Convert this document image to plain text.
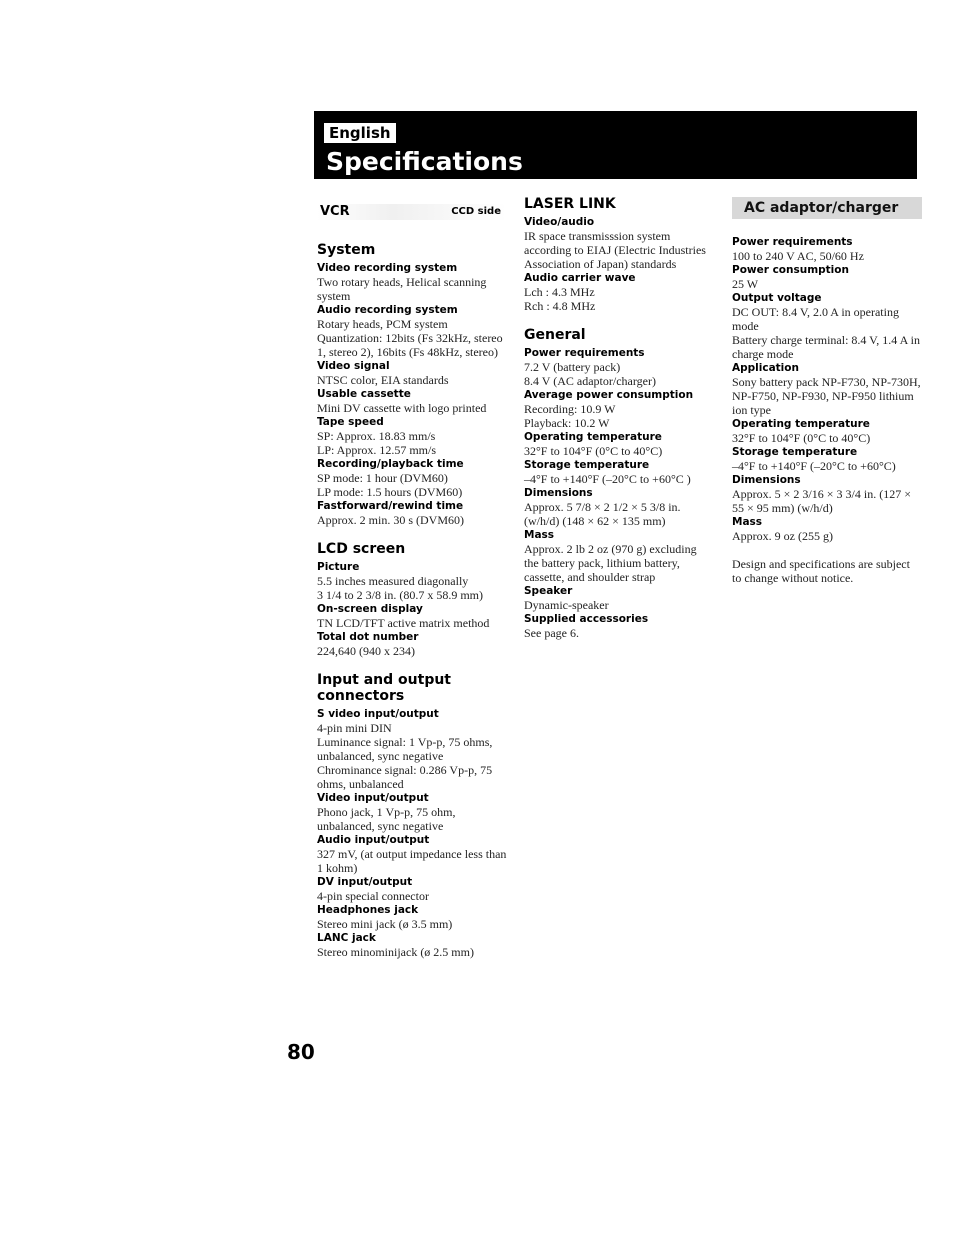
English
Specifications
VCR	CCD side
System
Video recording system
Two rotary heads, Helical scanning system
Audio recording system
Rotary heads, PCM system
Quantization: 12bits (Fs 32kHz, stereo 1, stereo 2), 16bits (Fs 48kHz, stereo)
Video signal
NTSC color, EIA standards
Usable cassette
Mini DV cassette with logo printed
Tape speed
SP: Approx. 18.83 mm/s
LP: Approx. 12.57 mm/s
Recording/playback time
SP mode: 1 hour (DVM60)
LP mode: 1.5 hours (DVM60)
Fastforward/rewind time
Approx. 2 min. 30 s (DVM60)
LCD screen
Picture
5.5 inches measured diagonally
3 1/4 to 2 3/8 in. (80.7 x 58.9 mm)
On-screen display
TN LCD/TFT active matrix method
Total dot number
224,640 (940 x 234)
Input and output connectors
S video input/output
4-pin mini DIN
Luminance signal: 1 Vp-p, 75 ohms, unbalanced, sync negative
Chrominance signal: 0.286 Vp-p, 75 ohms, unbalanced
Video input/output
Phono jack, 1 Vp-p, 75 ohm, unbalanced, sync negative
Audio input/output
327 mV, (at output impedance less than 1 kohm)
DV input/output
4-pin special connector
Headphones jack
Stereo mini jack (ø 3.5 mm)
LANC jack
Stereo minominijack (ø 2.5 mm)
LASER LINK
Video/audio
IR space transmisssion system according to EIAJ (Electric Industries Association of Japan) standards
Audio carrier wave
Lch : 4.3 MHz
Rch : 4.8 MHz
General
Power requirements
7.2 V (battery pack)
8.4 V (AC adaptor/charger)
Average power consumption
Recording: 10.9 W
Playback: 10.2 W
Operating temperature
32°F to 104°F (0°C to 40°C)
Storage temperature
–4°F to +140°F (–20°C to +60°C )
Dimensions
Approx. 5 7/8 × 2 1/2 × 5 3/8 in. (w/h/d) (148 × 62 × 135 mm)
Mass
Approx. 2 lb 2 oz (970 g) excluding the battery pack, lithium battery, cassette, and shoulder strap
Speaker
Dynamic-speaker
Supplied accessories
See page 6.
AC adaptor/charger
Power requirements
100 to 240 V AC, 50/60 Hz
Power consumption
25 W
Output voltage
DC OUT: 8.4 V, 2.0 A in operating mode
Battery charge terminal: 8.4 V, 1.4 A in charge mode
Application
Sony battery pack NP-F730, NP-730H, NP-F750, NP-F930, NP-F950 lithium ion type
Operating temperature
32°F to 104°F (0°C to 40°C)
Storage temperature
–4°F to +140°F (–20°C to +60°C)
Dimensions
Approx. 5 × 2 3/16 × 3 3/4 in. (127 × 55 × 95 mm) (w/h/d)
Mass
Approx. 9 oz (255 g)
Design and specifications are subject to change without notice.
80
